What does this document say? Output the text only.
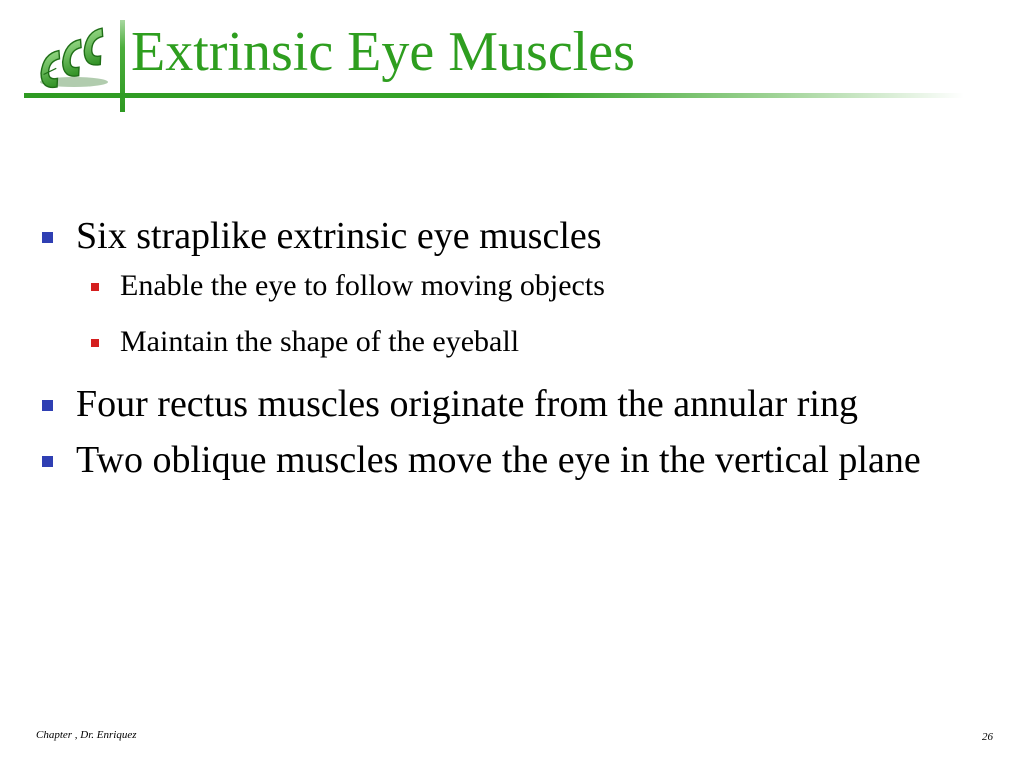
ECC Extrinsic Eye Muscles
Six straplike extrinsic eye muscles
Enable the eye to follow moving objects
Maintain the shape of the eyeball
Four rectus muscles originate from the annular ring
Two oblique muscles move the eye in the vertical plane
Chapter , Dr. Enriquez	26
